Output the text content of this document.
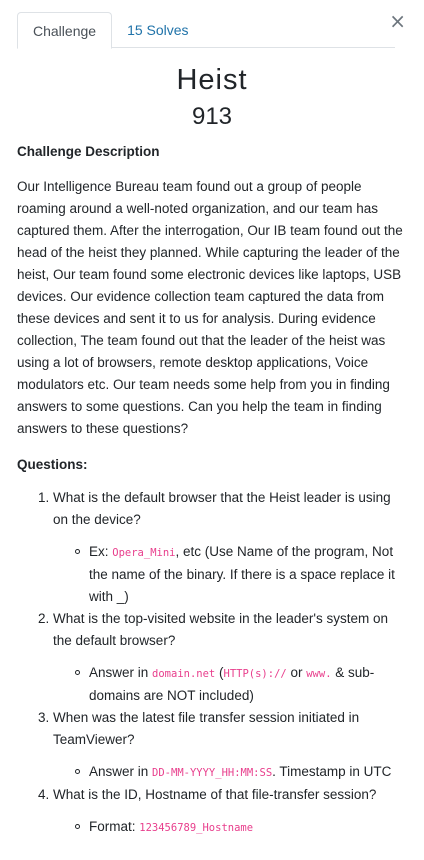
×
Challenge	15 Solves
Heist
913
Challenge Description
Our Intelligence Bureau team found out a group of people roaming around a well-noted organization, and our team has captured them. After the interrogation, Our IB team found out the head of the heist they planned. While capturing the leader of the heist, Our team found some electronic devices like laptops, USB devices. Our evidence collection team captured the data from these devices and sent it to us for analysis. During evidence collection, The team found out that the leader of the heist was using a lot of browsers, remote desktop applications, Voice modulators etc. Our team needs some help from you in finding answers to some questions. Can you help the team in finding answers to these questions?
Questions:
1. What is the default browser that the Heist leader is using on the device?
Ex: Opera_Mini, etc (Use Name of the program, Not the name of the binary. If there is a space replace it with _)
2. What is the top-visited website in the leader's system on the default browser?
Answer in domain.net (HTTP(s):// or www. & sub-domains are NOT included)
3. When was the latest file transfer session initiated in TeamViewer?
Answer in DD-MM-YYYY_HH:MM:SS. Timestamp in UTC
4. What is the ID, Hostname of that file-transfer session?
Format: 123456789_Hostname
